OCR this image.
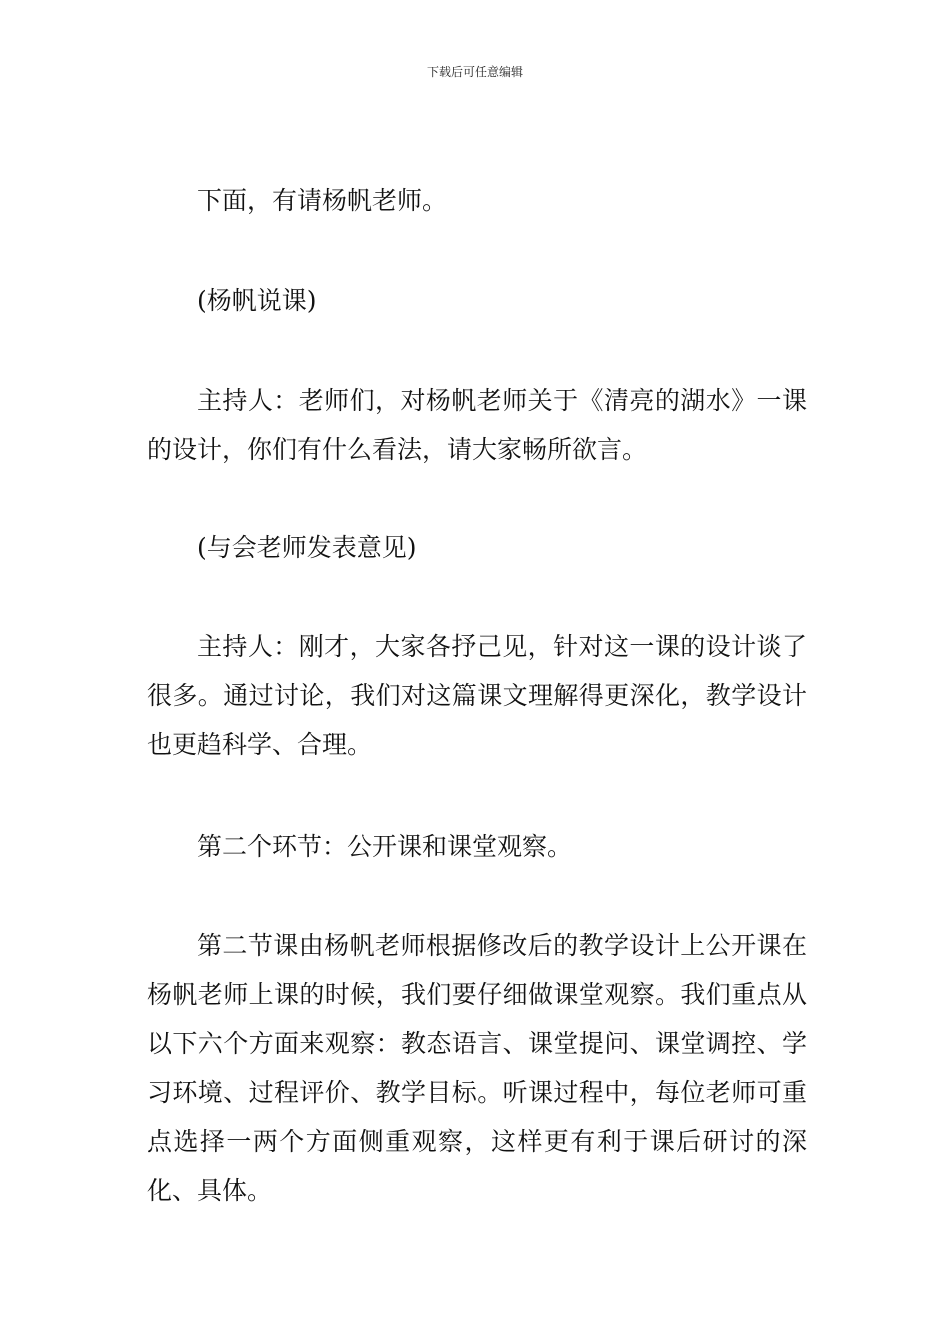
下载后可任意编辑

下面，有请杨帆老师。

(杨帆说课)

主持人：老师们，对杨帆老师关于《清亮的湖水》一课的设计，你们有什么看法，请大家畅所欲言。

(与会老师发表意见)

主持人：刚才，大家各抒己见，针对这一课的设计谈了很多。通过讨论，我们对这篇课文理解得更深化，教学设计也更趋科学、合理。

第二个环节：公开课和课堂观察。

第二节课由杨帆老师根据修改后的教学设计上公开课在杨帆老师上课的时候，我们要仔细做课堂观察。我们重点从以下六个方面来观察：教态语言、课堂提问、课堂调控、学习环境、过程评价、教学目标。听课过程中，每位老师可重点选择一两个方面侧重观察，这样更有利于课后研讨的深化、具体。
